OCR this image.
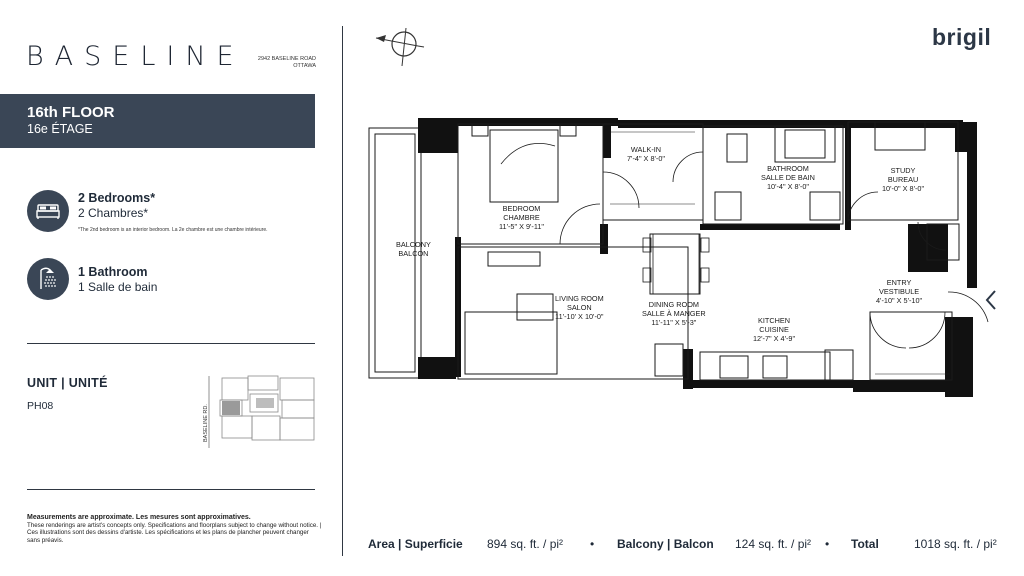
BASELINE	2942 BASELINE ROAD
OTTAWA
16th FLOOR
16e ÉTAGE
2 Bedrooms*
2 Chambres*
*The 2nd bedroom is an interior bedroom. La 2e chambre est une chambre intérieure.
1 Bathroom
1 Salle de bain
UNIT | UNITÉ
PH08	BASELINE RD.
Measurements are approximate. Les mesures sont approximatives.
These renderings are artist's concepts only. Specifications and floorplans subject to change without notice. | Ces illustrations sont des dessins d'artiste. Les spécifications et les plans de plancher peuvent changer sans préavis.
brigil
WALK-IN
7'-4" X 8'-0"
BATHROOM
SALLE DE BAIN
10'-4" X 8'-0"
STUDY
BUREAU
10'-0" X 8'-0"
BEDROOM
CHAMBRE
11'-5" X 9'-11"
BALCONY
BALCON
LIVING ROOM
SALON
11'-10' X 10'-0"
DINING ROOM
SALLE À MANGER
11'-11" X 5'-3"	KITCHEN
CUISINE
12'-7" X 4'-9"
ENTRY
VESTIBULE
4'-10" X 5'-10"
Area | Superficie 894 sq. ft. / pi² • Balcony | Balcon 124 sq. ft. / pi² • Total	1018 sq. ft. / pi²
